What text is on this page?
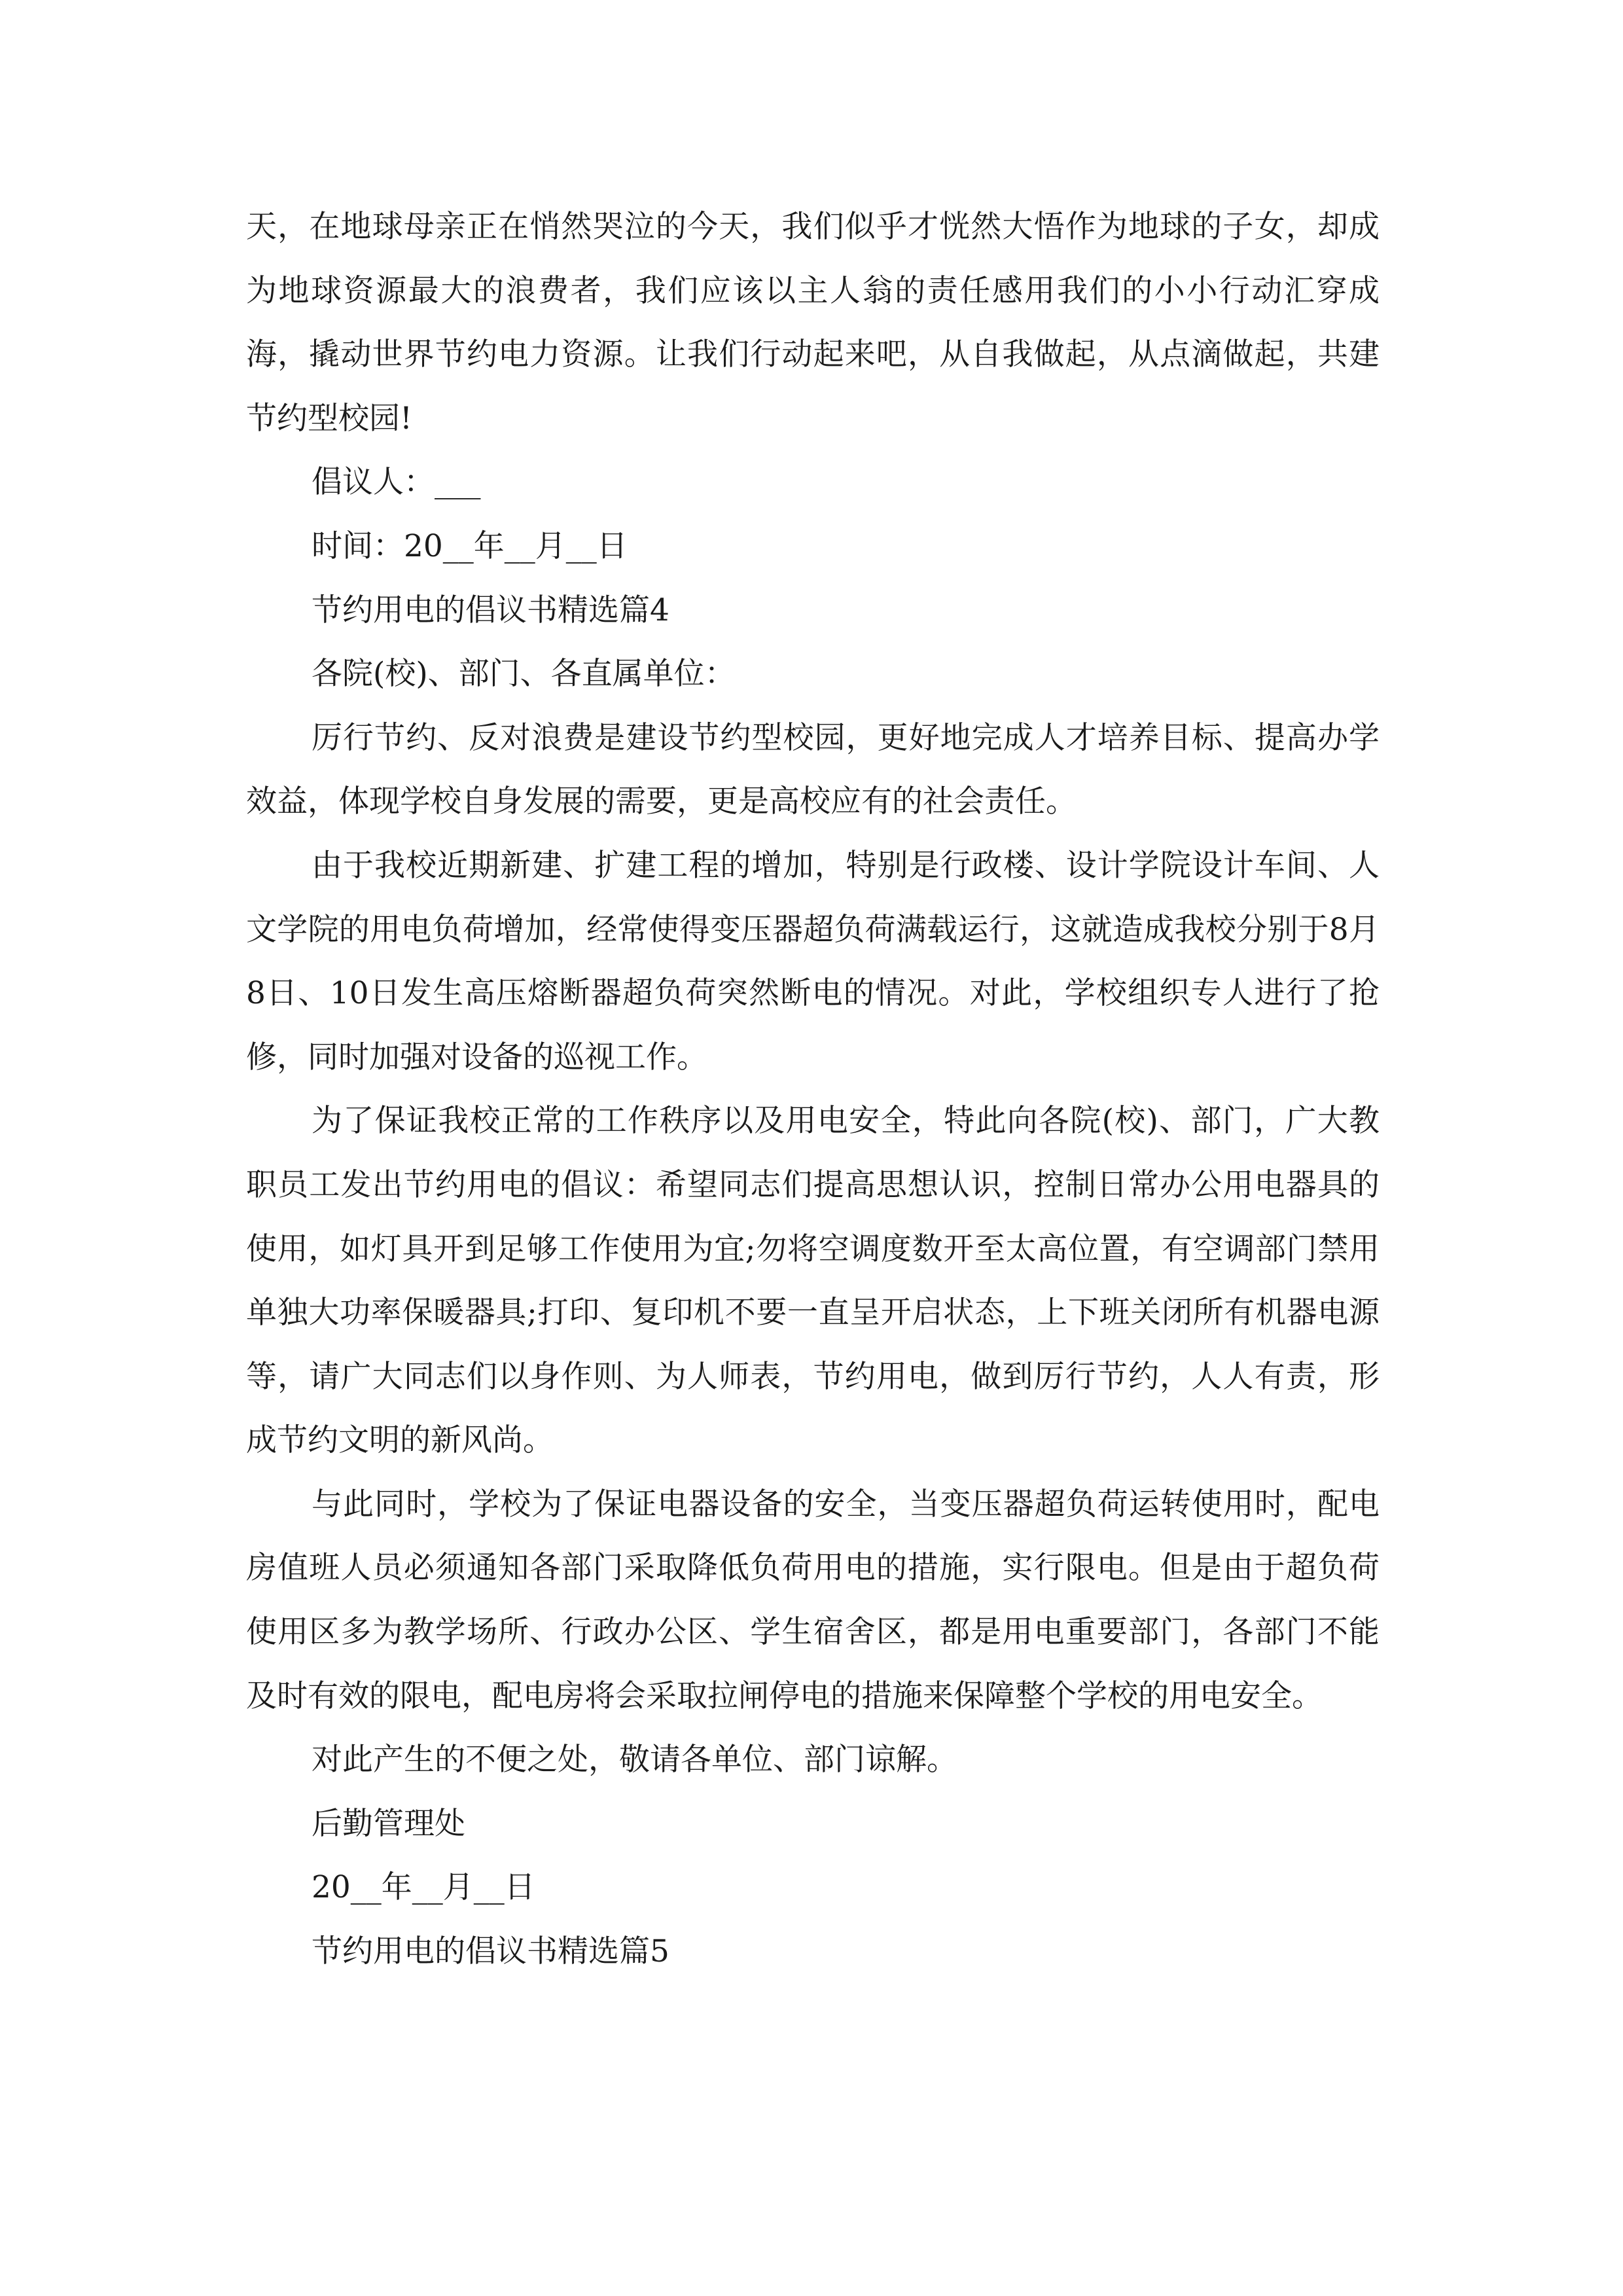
天，在地球母亲正在悄然哭泣的今天，我们似乎才恍然大悟作为地球的子女，却成为地球资源最大的浪费者，我们应该以主人翁的责任感用我们的小小行动汇穿成海，撬动世界节约电力资源。让我们行动起来吧，从自我做起，从点滴做起，共建节约型校园!

倡议人：___

时间：20__年__月__日

节约用电的倡议书精选篇4

各院(校)、部门、各直属单位：

厉行节约、反对浪费是建设节约型校园，更好地完成人才培养目标、提高办学效益，体现学校自身发展的需要，更是高校应有的社会责任。

由于我校近期新建、扩建工程的增加，特别是行政楼、设计学院设计车间、人文学院的用电负荷增加，经常使得变压器超负荷满载运行，这就造成我校分别于8月8日、10日发生高压熔断器超负荷突然断电的情况。对此，学校组织专人进行了抢修，同时加强对设备的巡视工作。

为了保证我校正常的工作秩序以及用电安全，特此向各院(校)、部门，广大教职员工发出节约用电的倡议：希望同志们提高思想认识，控制日常办公用电器具的使用，如灯具开到足够工作使用为宜;勿将空调度数开至太高位置，有空调部门禁用单独大功率保暖器具;打印、复印机不要一直呈开启状态，上下班关闭所有机器电源等，请广大同志们以身作则、为人师表，节约用电，做到厉行节约，人人有责，形成节约文明的新风尚。

与此同时，学校为了保证电器设备的安全，当变压器超负荷运转使用时，配电房值班人员必须通知各部门采取降低负荷用电的措施，实行限电。但是由于超负荷使用区多为教学场所、行政办公区、学生宿舍区，都是用电重要部门，各部门不能及时有效的限电，配电房将会采取拉闸停电的措施来保障整个学校的用电安全。

对此产生的不便之处，敬请各单位、部门谅解。

后勤管理处

20__年__月__日

节约用电的倡议书精选篇5
